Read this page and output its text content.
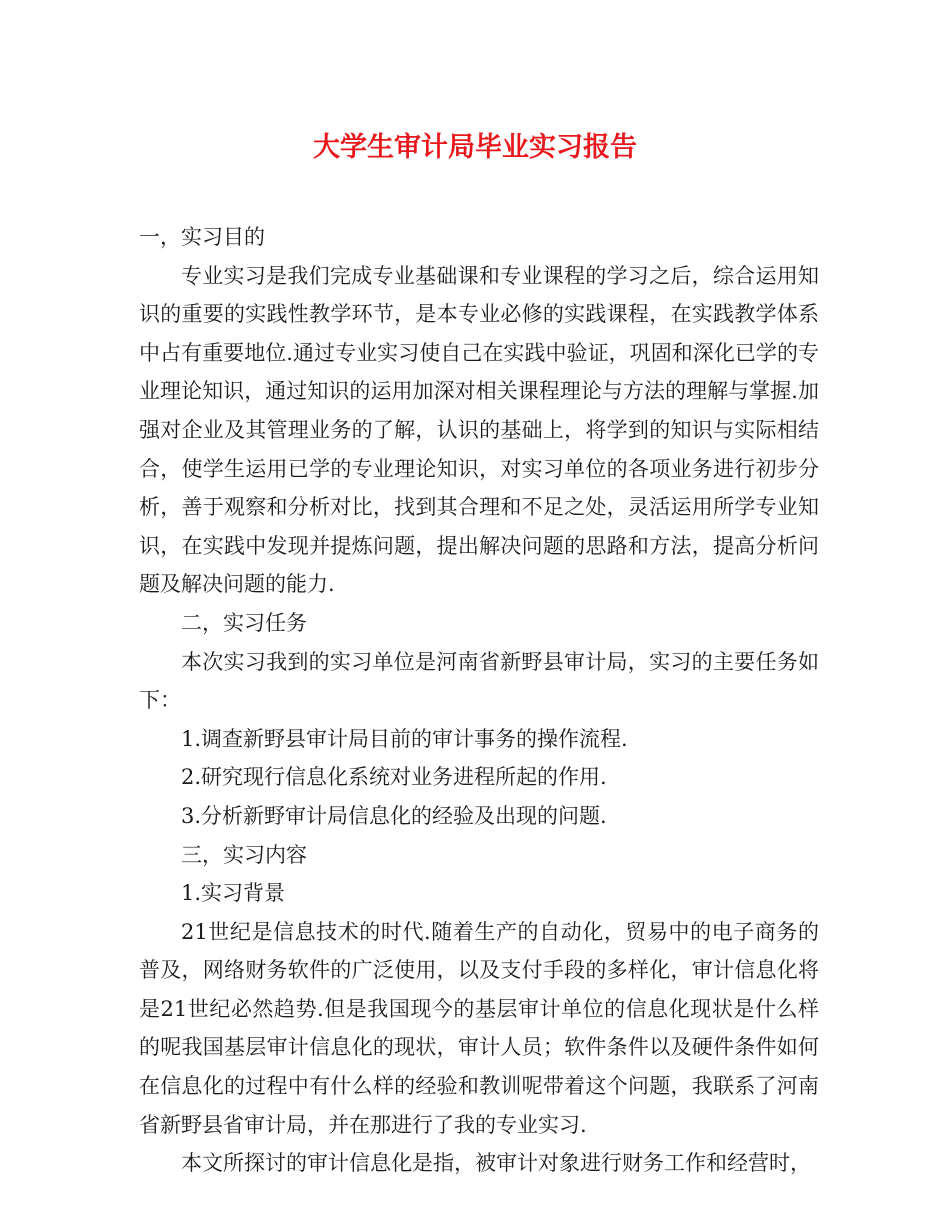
大学生审计局毕业实习报告

一，实习目的

专业实习是我们完成专业基础课和专业课程的学习之后，综合运用知识的重要的实践性教学环节，是本专业必修的实践课程，在实践教学体系中占有重要地位.通过专业实习使自己在实践中验证，巩固和深化已学的专业理论知识，通过知识的运用加深对相关课程理论与方法的理解与掌握.加强对企业及其管理业务的了解，认识的基础上，将学到的知识与实际相结合，使学生运用已学的专业理论知识，对实习单位的各项业务进行初步分析，善于观察和分析对比，找到其合理和不足之处，灵活运用所学专业知识，在实践中发现并提炼问题，提出解决问题的思路和方法，提高分析问题及解决问题的能力.

二，实习任务

本次实习我到的实习单位是河南省新野县审计局，实习的主要任务如下：

1.调查新野县审计局目前的审计事务的操作流程.

2.研究现行信息化系统对业务进程所起的作用.

3.分析新野审计局信息化的经验及出现的问题.

三，实习内容

1.实习背景

21世纪是信息技术的时代.随着生产的自动化，贸易中的电子商务的普及，网络财务软件的广泛使用，以及支付手段的多样化，审计信息化将是21世纪必然趋势.但是我国现今的基层审计单位的信息化现状是什么样的呢我国基层审计信息化的现状，审计人员；软件条件以及硬件条件如何在信息化的过程中有什么样的经验和教训呢带着这个问题，我联系了河南省新野县省审计局，并在那进行了我的专业实习.

本文所探讨的审计信息化是指，被审计对象进行财务工作和经营时，
